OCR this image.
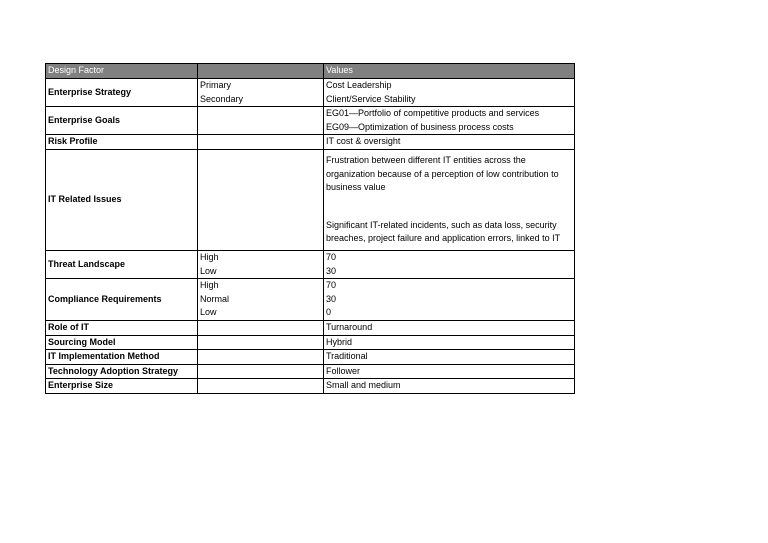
Design Factor		Values
Enterprise Strategy	Primary	Cost Leadership
	Secondary	Client/Service Stability
Enterprise Goals		EG01—Portfolio of competitive products and services
EG09—Optimization of business process costs

Risk Profile		IT cost & oversight

IT Related Issues		Frustration between different IT entities across the
organization because of a perception of low contribution to
business value
Significant IT-related incidents, such as data loss, security
breaches, project failure and application errors, linked to IT

Threat Landscape	High	70
	Low	30
Compliance Requirements	High	70
	Normal	30
	Low	0
Role of IT		Turnaround

Sourcing Model		Hybrid

IT Implementation Method		Traditional

Technology Adoption Strategy		Follower

Enterprise Size		Small and medium
